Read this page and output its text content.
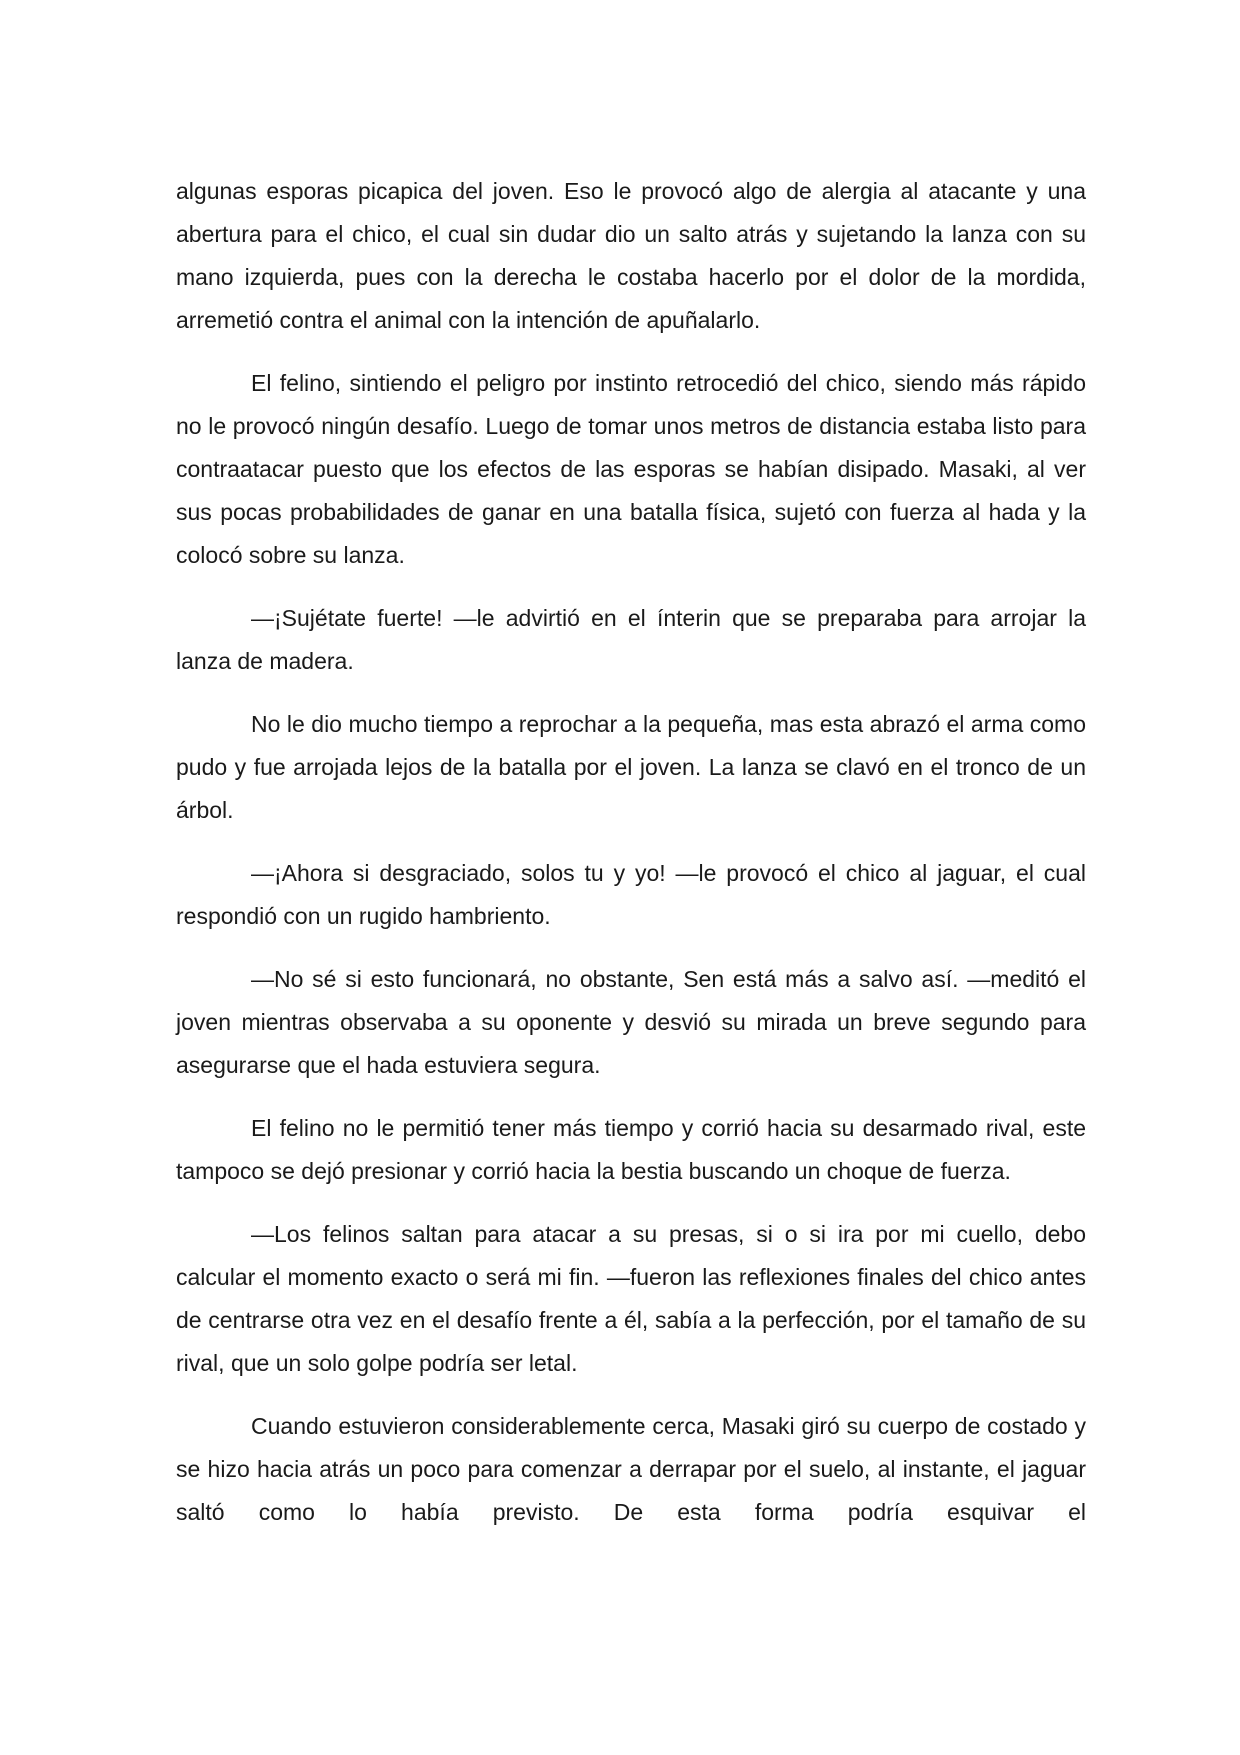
algunas esporas picapica del joven. Eso le provocó algo de alergia al atacante y una abertura para el chico, el cual sin dudar dio un salto atrás y sujetando la lanza con su mano izquierda, pues con la derecha le costaba hacerlo por el dolor de la mordida, arremetió contra el animal con la intención de apuñalarlo.

El felino, sintiendo el peligro por instinto retrocedió del chico, siendo más rápido no le provocó ningún desafío. Luego de tomar unos metros de distancia estaba listo para contraatacar puesto que los efectos de las esporas se habían disipado. Masaki, al ver sus pocas probabilidades de ganar en una batalla física, sujetó con fuerza al hada y la colocó sobre su lanza.

—¡Sujétate fuerte! —le advirtió en el ínterin que se preparaba para arrojar la lanza de madera.

No le dio mucho tiempo a reprochar a la pequeña, mas esta abrazó el arma como pudo y fue arrojada lejos de la batalla por el joven. La lanza se clavó en el tronco de un árbol.

—¡Ahora si desgraciado, solos tu y yo! —le provocó el chico al jaguar, el cual respondió con un rugido hambriento.

—No sé si esto funcionará, no obstante, Sen está más a salvo así. —meditó el joven mientras observaba a su oponente y desvió su mirada un breve segundo para asegurarse que el hada estuviera segura.

El felino no le permitió tener más tiempo y corrió hacia su desarmado rival, este tampoco se dejó presionar y corrió hacia la bestia buscando un choque de fuerza.

—Los felinos saltan para atacar a su presas, si o si ira por mi cuello, debo calcular el momento exacto o será mi fin. —fueron las reflexiones finales del chico antes de centrarse otra vez en el desafío frente a él, sabía a la perfección, por el tamaño de su rival, que un solo golpe podría ser letal.

Cuando estuvieron considerablemente cerca, Masaki giró su cuerpo de costado y se hizo hacia atrás un poco para comenzar a derrapar por el suelo, al instante, el jaguar saltó como lo había previsto. De esta forma podría esquivar el
